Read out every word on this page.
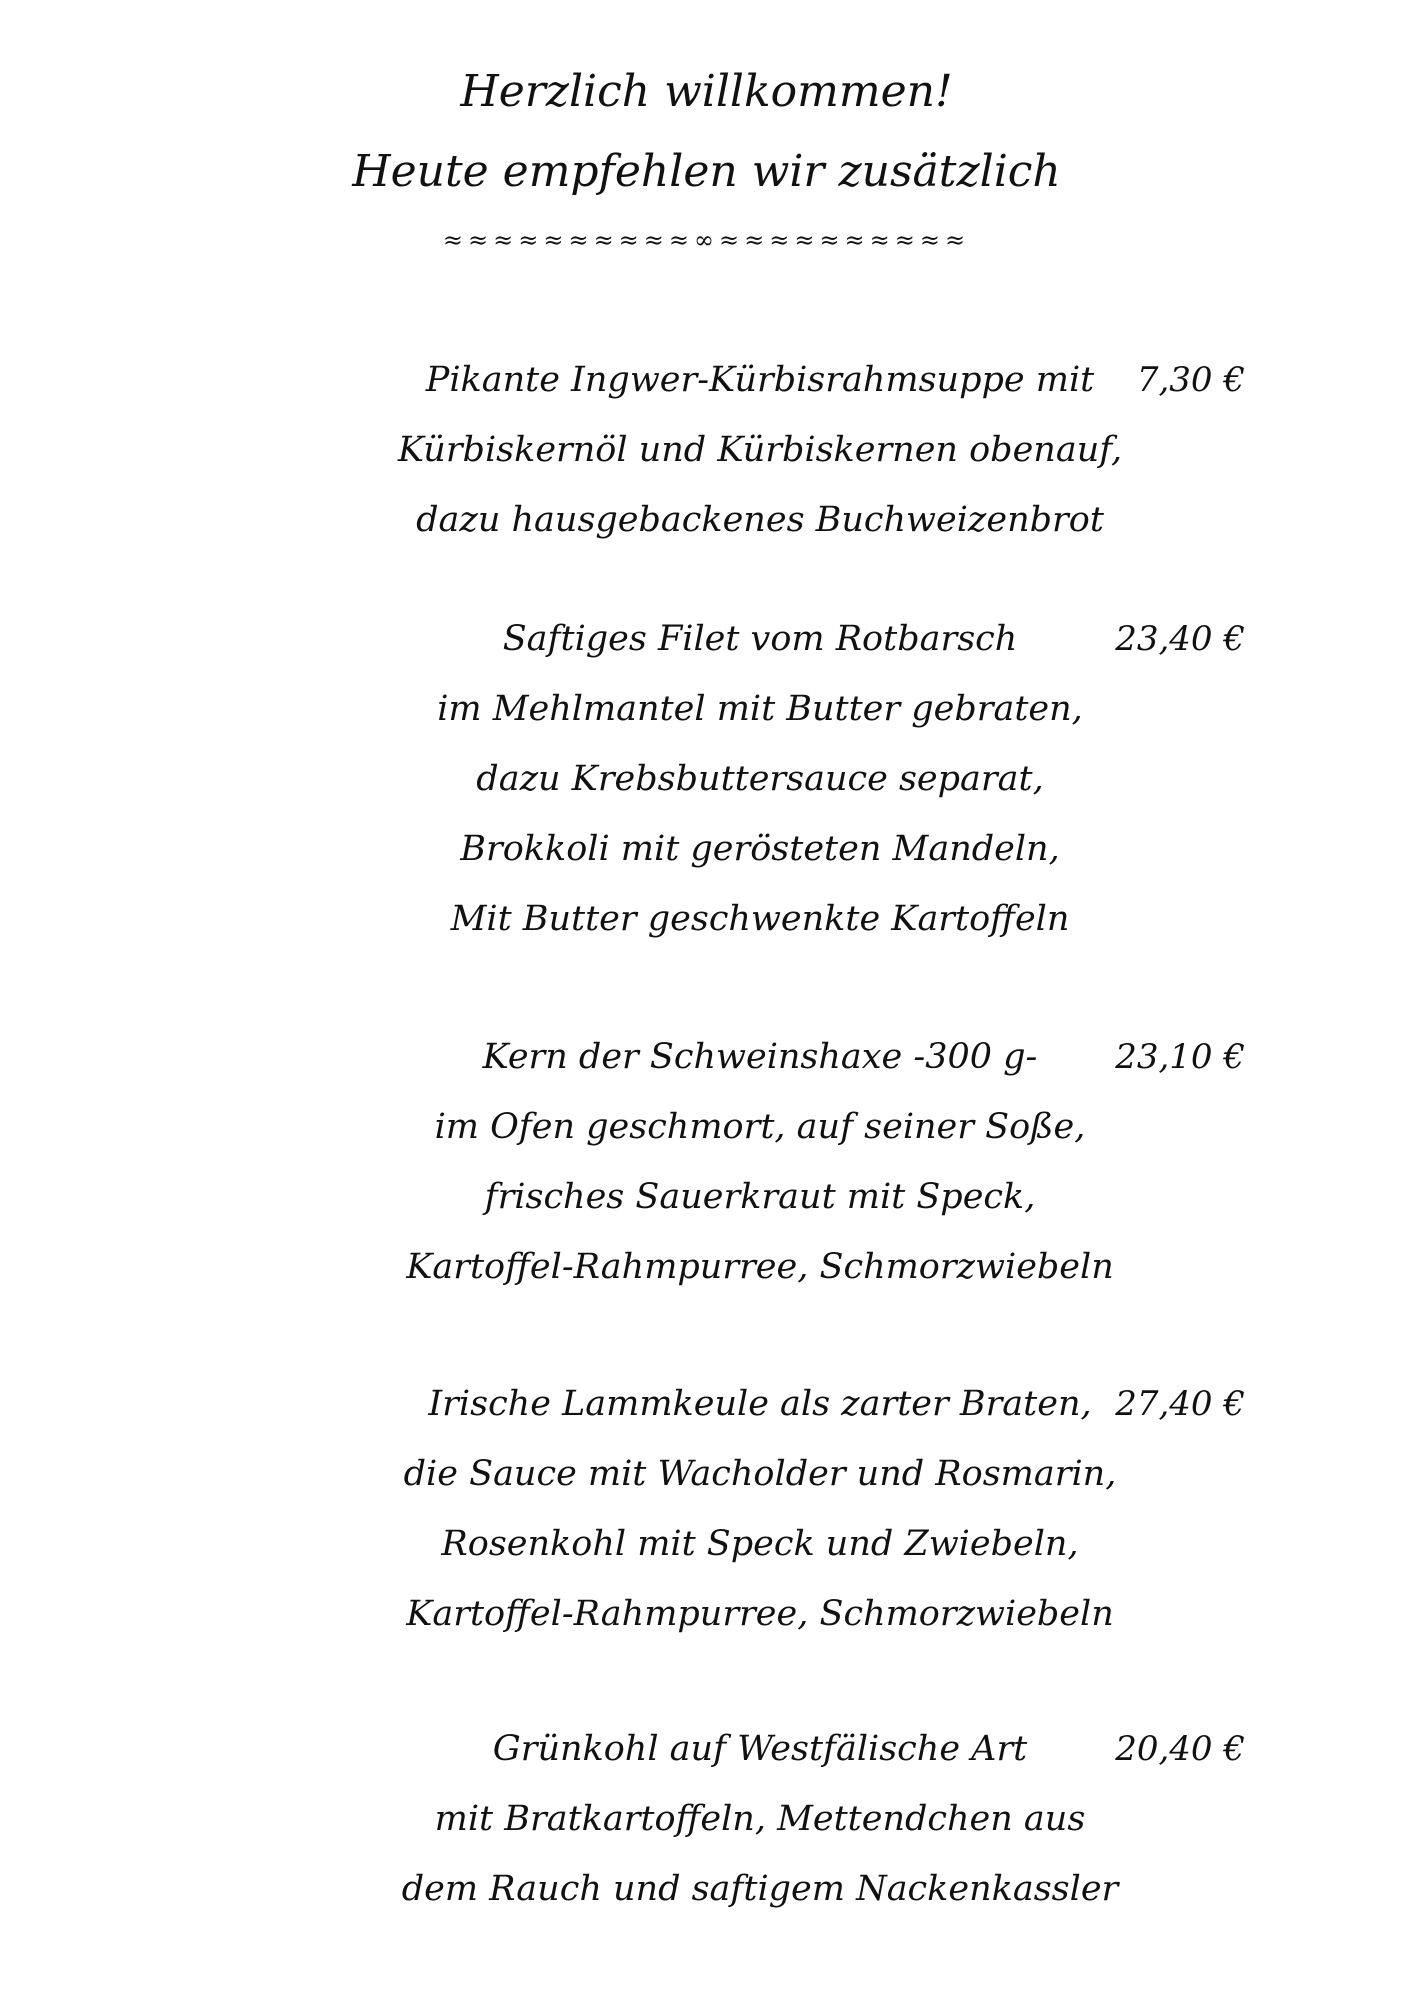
Herzlich willkommen!
Heute empfehlen wir zusätzlich
≈≈≈≈≈≈≈≈≈≈∞≈≈≈≈≈≈≈≈≈≈
Pikante Ingwer-Kürbisrahmsuppe mit
Kürbiskernöl und Kürbiskernen obenauf,
dazu hausgebackenes Buchweizenbrot
7,30 €
Saftiges Filet vom Rotbarsch
im Mehlmantel mit Butter gebraten,
dazu Krebsbuttersauce separat,
Brokkoli mit gerösteten Mandeln,
Mit Butter geschwenkte Kartoffeln
23,40 €
Kern der Schweinshaxe -300 g-
im Ofen geschmort, auf seiner Soße,
frisches Sauerkraut mit Speck,
Kartoffel-Rahmpurree, Schmorzwiebeln
23,10 €
Irische Lammkeule als zarter Braten,
die Sauce mit Wacholder und Rosmarin,
Rosenkohl mit Speck und Zwiebeln,
Kartoffel-Rahmpurree, Schmorzwiebeln
27,40 €
Grünkohl auf Westfälische Art
mit Bratkartoffeln, Mettendchen aus
dem Rauch und saftigem Nackenkassler
20,40 €
